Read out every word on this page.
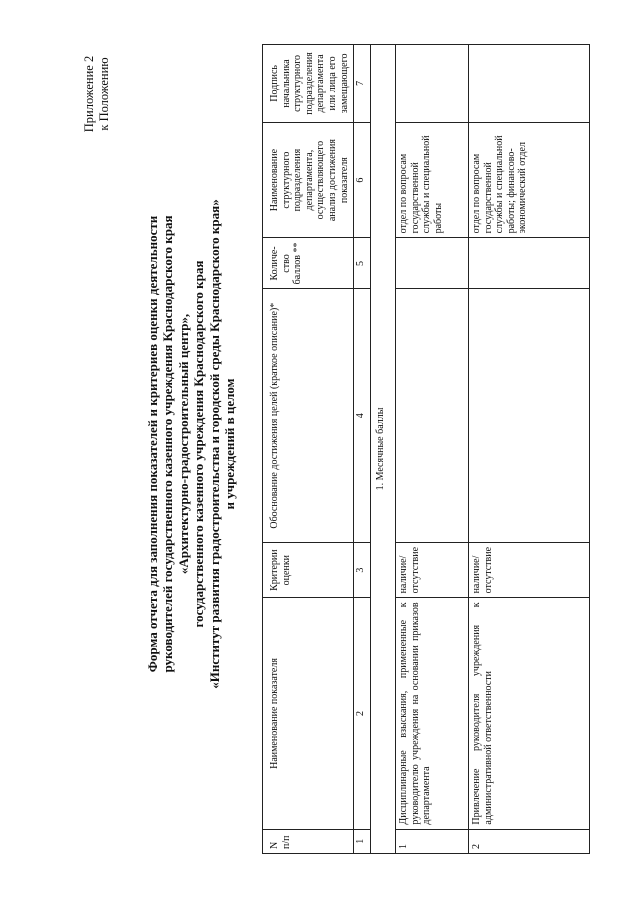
Приложение 2 к Положению
Форма отчета для заполнения показателей и критериев оценки деятельности руководителей государственного казенного учреждения Краснодарского края «Архитектурно-градостроительный центр», государственного казенного учреждения Краснодарского края «Институт развития градостроительства и городской среды Краснодарского края» и учреждений в целом
N п/п	Наименование показателя	Критерии оценки	Обоснование достижения целей (краткое описание)*	Количе-ство баллов **	Наименование структурного подразделения департамента, осуществляющего анализ достижения показателя	Подпись начальника структурного подразделения департамента или лица его замещающего
1	2	3	4	5	6	7
1. Месячные баллы						
1	Дисциплинарные взыскания, примененные к руководителю учреждения на основании приказов департамента	наличие/ отсутствие			отдел по вопросам государственной службы и специальной работы	
2	Привлечение руководителя учреждения к административной ответственности	наличие/ отсутствие			отдел по вопросам государственной службы и специальной работы; финансово-экономический отдел	
